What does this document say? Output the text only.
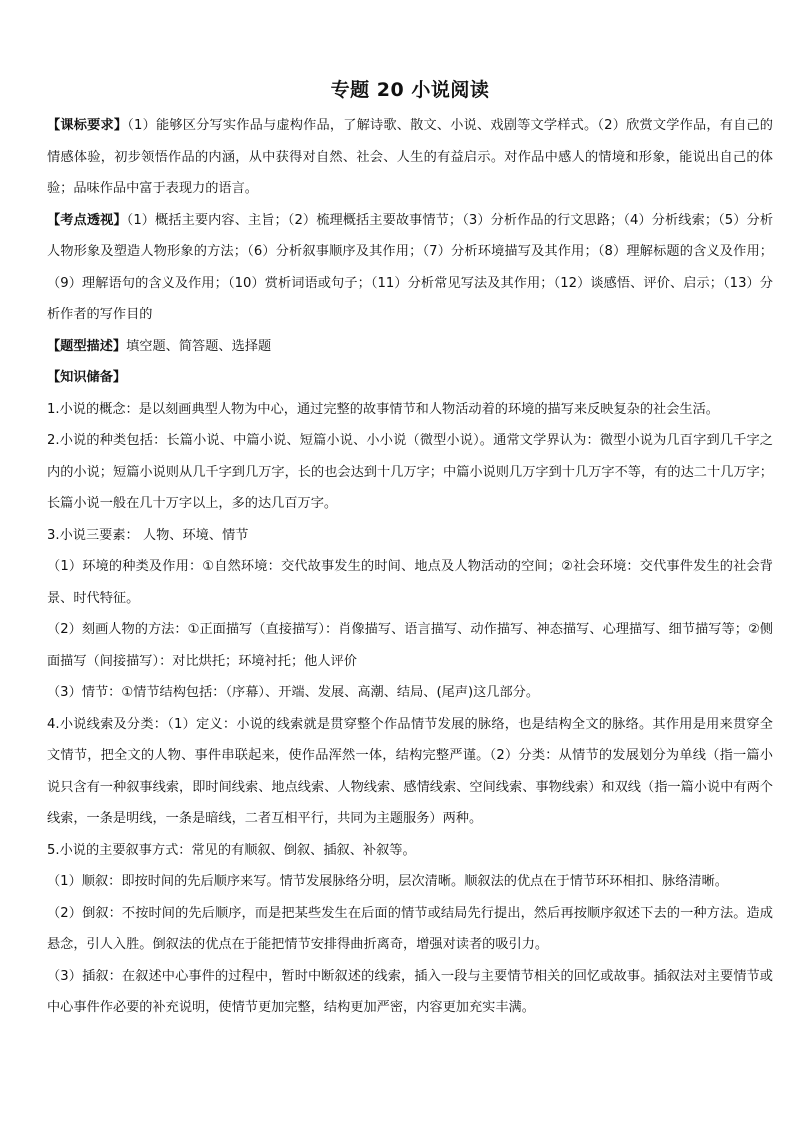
专题 20 小说阅读

【课标要求】（1）能够区分写实作品与虚构作品，了解诗歌、散文、小说、戏剧等文学样式。（2）欣赏文学作品，有自己的情感体验，初步领悟作品的内涵，从中获得对自然、社会、人生的有益启示。对作品中感人的情境和形象，能说出自己的体验；品味作品中富于表现力的语言。

【考点透视】（1）概括主要内容、主旨；（2）梳理概括主要故事情节；（3）分析作品的行文思路；（4）分析线索；（5）分析人物形象及塑造人物形象的方法；（6）分析叙事顺序及其作用；（7）分析环境描写及其作用；（8）理解标题的含义及作用；（9）理解语句的含义及作用；（10）赏析词语或句子；（11）分析常见写法及其作用；（12）谈感悟、评价、启示；（13）分析作者的写作目的

【题型描述】填空题、简答题、选择题

【知识储备】

1.小说的概念：是以刻画典型人物为中心，通过完整的故事情节和人物活动着的环境的描写来反映复杂的社会生活。

2.小说的种类包括：长篇小说、中篇小说、短篇小说、小小说（微型小说）。通常文学界认为：微型小说为几百字到几千字之内的小说；短篇小说则从几千字到几万字，长的也会达到十几万字；中篇小说则几万字到十几万字不等，有的达二十几万字；长篇小说一般在几十万字以上，多的达几百万字。

3.小说三要素： 人物、环境、情节

（1）环境的种类及作用：①自然环境：交代故事发生的时间、地点及人物活动的空间；②社会环境：交代事件发生的社会背景、时代特征。

（2）刻画人物的方法：①正面描写（直接描写）：肖像描写、语言描写、动作描写、神态描写、心理描写、细节描写等；②侧面描写（间接描写）：对比烘托；环境衬托；他人评价

（3）情节：①情节结构包括：（序幕）、开端、发展、高潮、结局、(尾声)这几部分。

4.小说线索及分类：（1）定义：小说的线索就是贯穿整个作品情节发展的脉络，也是结构全文的脉络。其作用是用来贯穿全文情节，把全文的人物、事件串联起来，使作品浑然一体，结构完整严谨。（2）分类：从情节的发展划分为单线（指一篇小说只含有一种叙事线索，即时间线索、地点线索、人物线索、感情线索、空间线索、事物线索）和双线（指一篇小说中有两个线索，一条是明线，一条是暗线，二者互相平行，共同为主题服务）两种。

5.小说的主要叙事方式：常见的有顺叙、倒叙、插叙、补叙等。

（1）顺叙：即按时间的先后顺序来写。情节发展脉络分明，层次清晰。顺叙法的优点在于情节环环相扣、脉络清晰。

（2）倒叙：不按时间的先后顺序，而是把某些发生在后面的情节或结局先行提出，然后再按顺序叙述下去的一种方法。造成悬念，引人入胜。倒叙法的优点在于能把情节安排得曲折离奇，增强对读者的吸引力。

（3）插叙：在叙述中心事件的过程中，暂时中断叙述的线索，插入一段与主要情节相关的回忆或故事。插叙法对主要情节或中心事件作必要的补充说明，使情节更加完整，结构更加严密，内容更加充实丰满。
